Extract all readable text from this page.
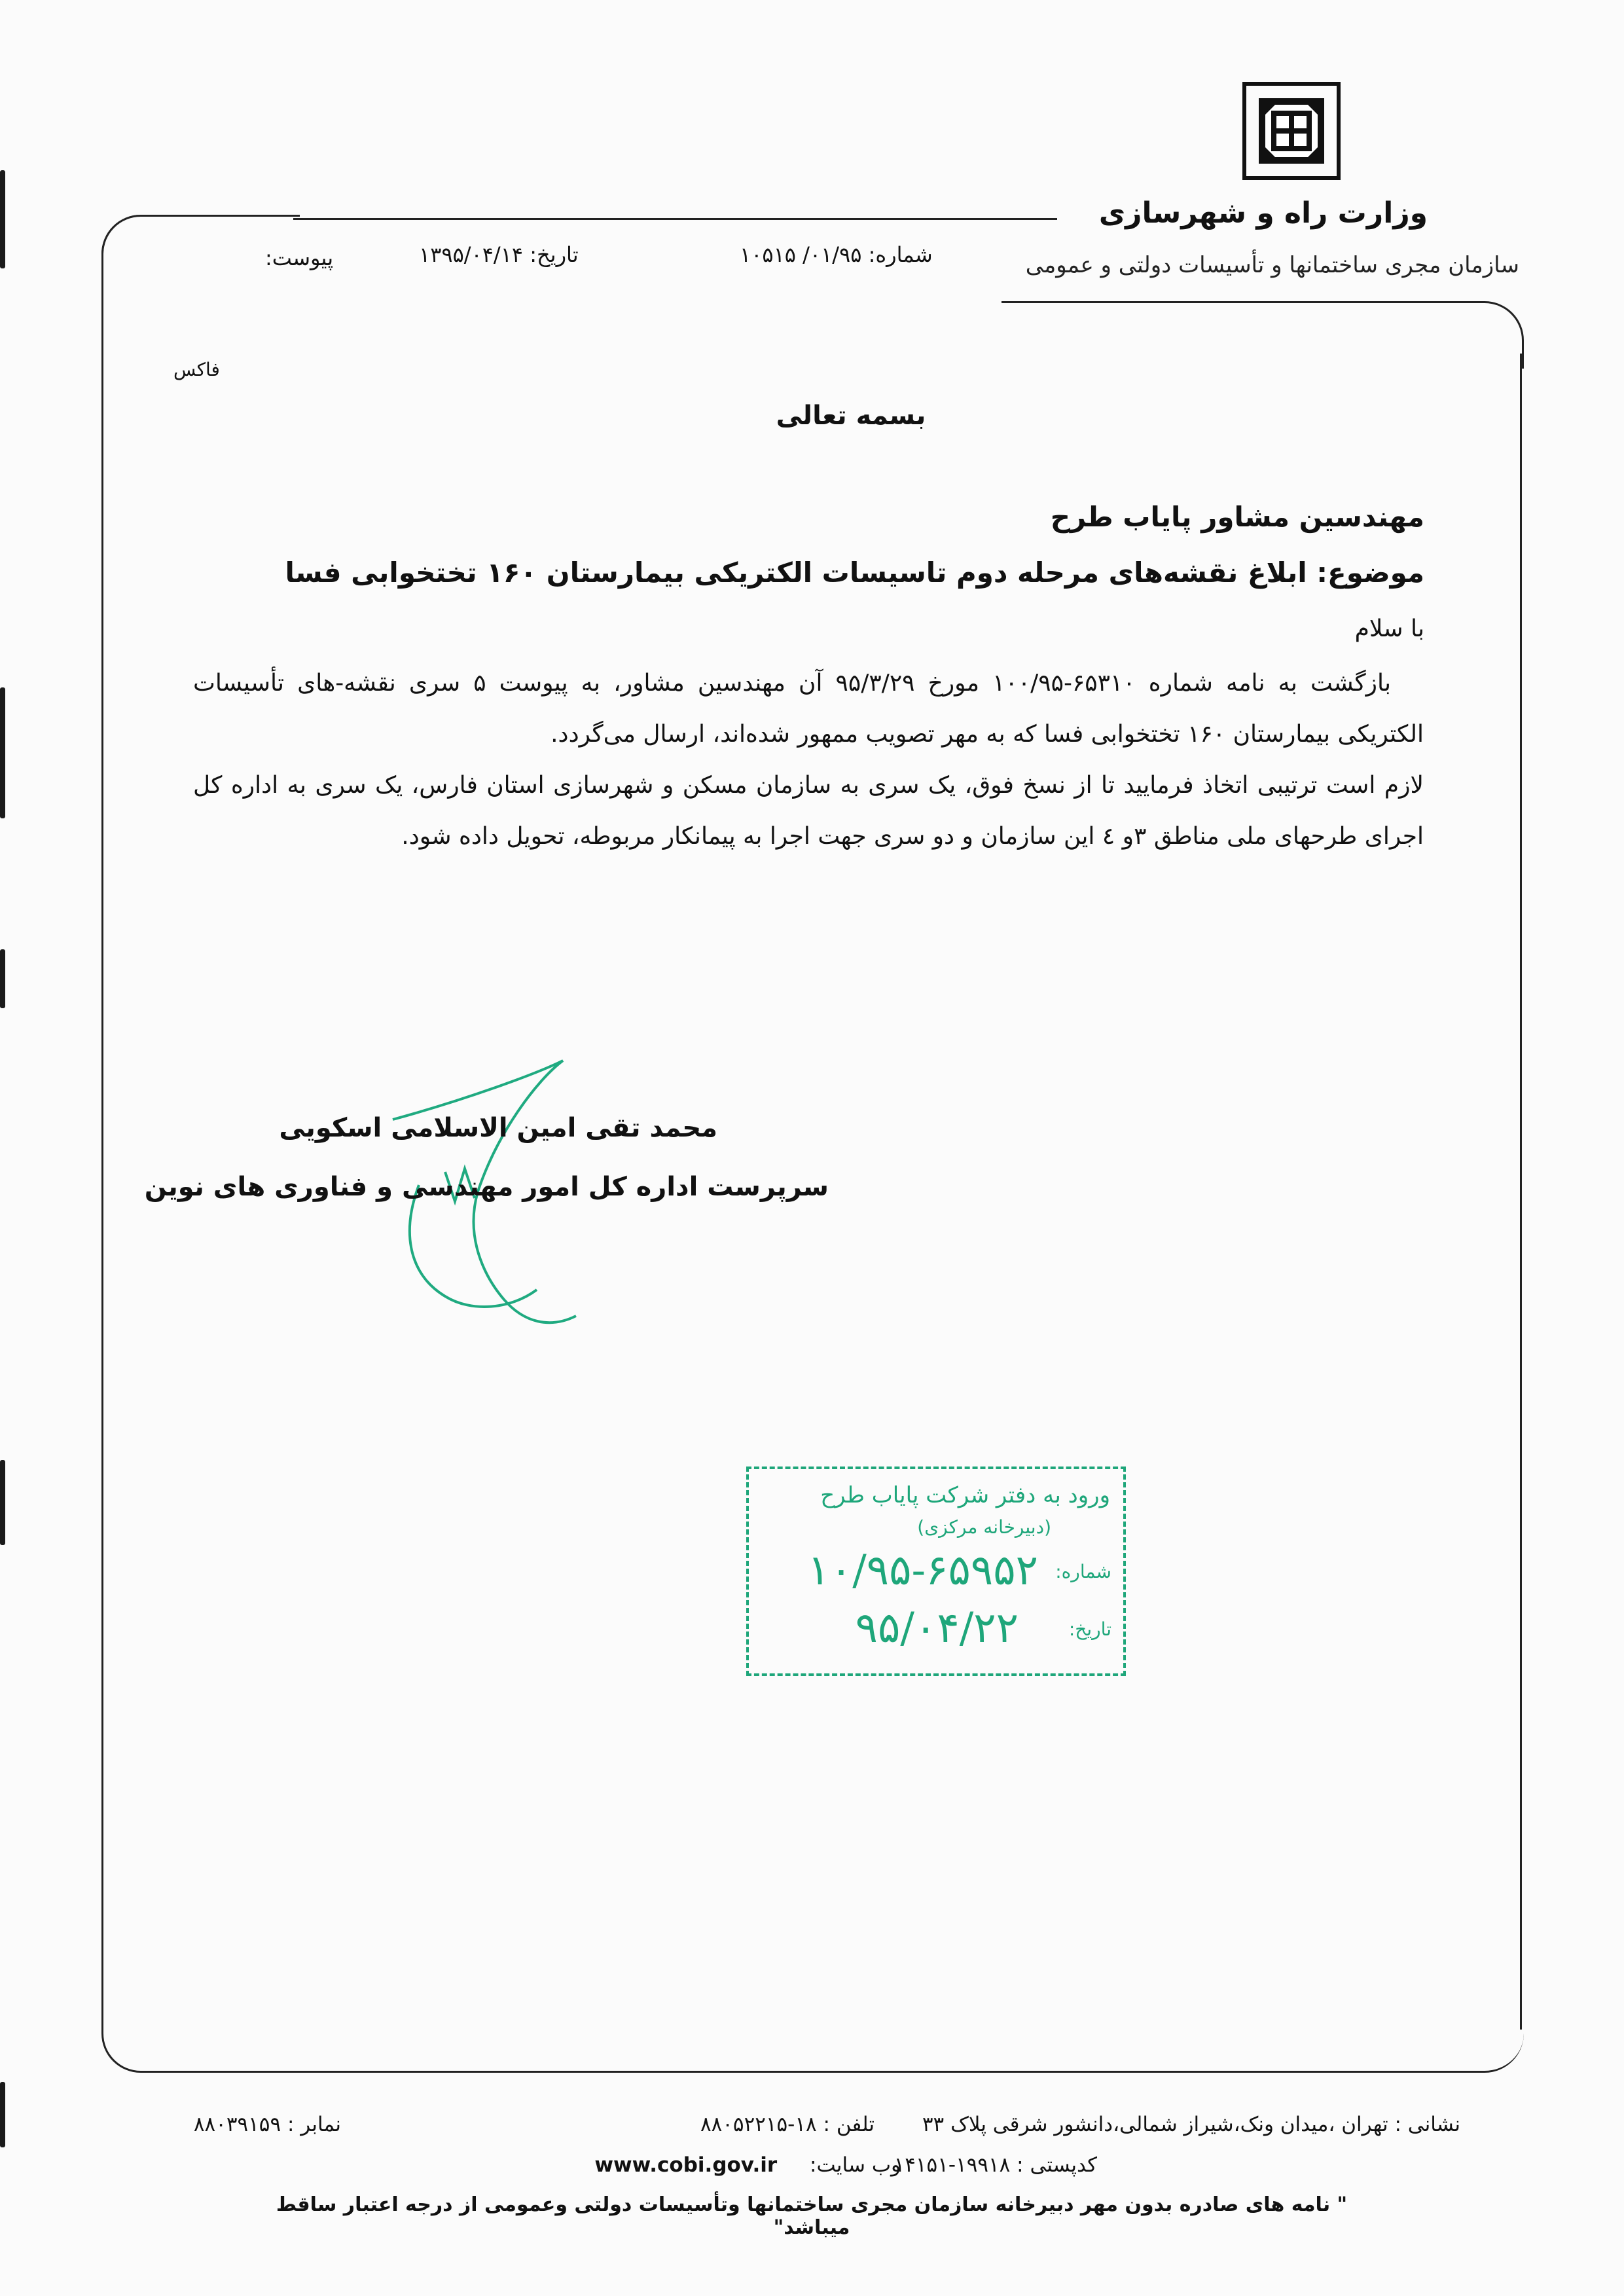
وزارت راه و شهرسازی
سازمان مجری ساختمانها و تأسیسات دولتی و عمومی
شماره: ۰۱/۹۵/ ۱۰۵۱۵
تاریخ: ۱۳۹۵/۰۴/۱۴
پیوست:
فاکس
بسمه تعالی
مهندسین مشاور پایاب طرح
موضوع: ابلاغ نقشه‌های مرحله دوم تاسیسات الکتریکی بیمارستان ۱۶۰ تختخوابی فسا
با سلام

بازگشت به نامه شماره ۶۵۳۱۰-۱۰۰/۹۵ مورخ ۹۵/۳/۲۹ آن مهندسین مشاور، به پیوست ۵ سری نقشه-های تأسیسات الکتریکی بیمارستان ۱۶۰ تختخوابی فسا که به مهر تصویب ممهور شده‌اند، ارسال می‌گردد.

لازم است ترتیبی اتخاذ فرمایید تا از نسخ فوق، یک سری به سازمان مسکن و شهرسازی استان فارس، یک سری به اداره کل اجرای طرحهای ملی مناطق ۳و ٤ این سازمان و دو سری جهت اجرا به پیمانکار مربوطه، تحویل داده شود.

محمد تقی امین الاسلامی اسکویی
سرپرست اداره کل امور مهندسی و فناوری های نوین
ورود به دفتر شرکت پایاب طرح
(دبیرخانه مرکزی)
شماره:
۱۰/۹۵-۶۵۹۵۲
تاریخ:
۹۵/۰۴/۲۲
نشانی : تهران ،میدان ونک،شیراز شمالی،دانشور شرقی پلاک ۳۳
تلفن : ۱۸-۸۸۰۵۲۲۱۵
نمابر : ۸۸۰۳۹۱۵۹
کدپستی : ۱۹۹۱۸-۱۴۱۵۱
وب سایت: www.cobi.gov.ir
" نامه های صادره بدون مهر دبیرخانه سازمان مجری ساختمانها وتأسیسات دولتی وعمومی از درجه اعتبار ساقط میباشد"
